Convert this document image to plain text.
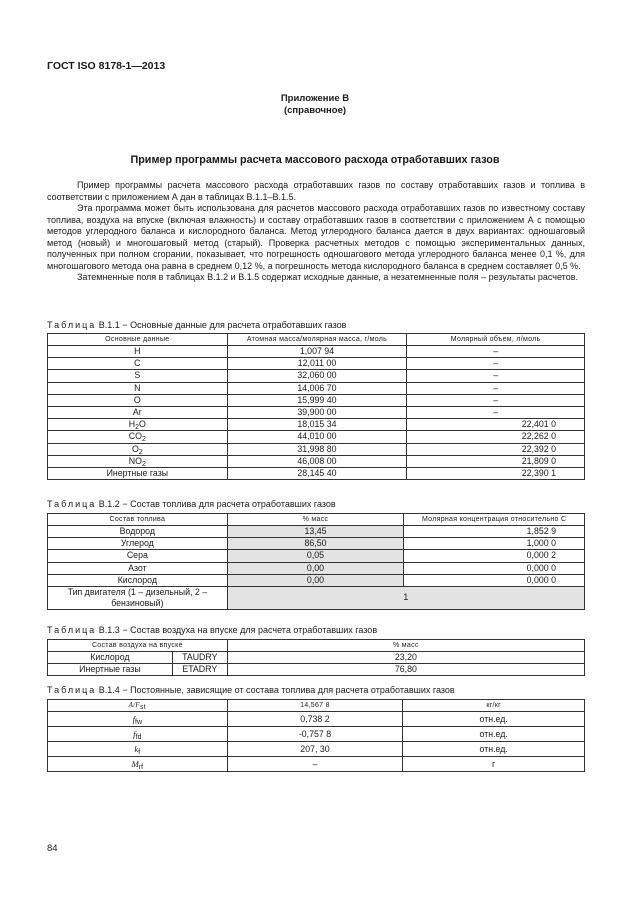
ГОСТ ISO 8178-1—2013
Приложение В
(справочное)
Пример программы расчета массового расхода отработавших газов

Пример программы расчета массового расхода отработавших газов по составу отработавших газов и топлива в соответствии с приложением А дан в таблицах В.1.1–В.1.5.

Эта программа может быть использована для расчетов массового расхода отработавших газов по известному составу топлива, воздуха на впуске (включая влажность) и составу отработавших газов в соответствии с приложением А с помощью методов углеродного баланса и кислородного баланса. Метод углеродного баланса дается в двух вариантах: одношаговый метод (новый) и многошаговый метод (старый). Проверка расчетных методов с помощью экспериментальных данных, полученных при полном сгорании, показывает, что погрешность одношагового метода углеродного баланса менее 0,1 %, для многошагового метода она равна в среднем 0,12 %, а погрешность метода кислородного баланса в среднем составляет 0,5 %.

Затемненные поля в таблицах В.1.2 и В.1.5 содержат исходные данные, а незатемненные поля – результаты расчетов.

Таблица В.1.1 − Основные данные для расчета отработавших газов
Основные данные	Атомная масса/молярная масса, г/моль	Молярный объем, л/моль
H	1,007 94	–
C	12,011 00	–
S	32,060 00	–
N	14,006 70	–
O	15,999 40	–
Ar	39,900 00	–
$H_2O$	18,015 34	22,401 0
$CO_2$	44,010 00	22,262 0
$O_2$	31,998 80	22,392 0
$NO_2$	46,008 00	21,809 0
Инертные газы	28,145 40	22,390 1
Таблица В.1.2 − Состав топлива для расчета отработавших газов
Состав топлива	% масс	Молярная концентрация относительно С
Водород	13,45	1,852 9
Углерод	86,50	1,000 0
Сера	0,05	0,000 2
Азот	0,00	0,000 0
Кислород	0,00	0,000 0
Тип двигателя (1 – дизельный, 2 – бензиновый)	1	
Таблица В.1.3 − Состав воздуха на впуске для расчета отработавших газов
Состав воздуха на впуске		% масс
Кислород	TAUDRY	23,20
Инертные газы	ETADRY	76,80
Таблица В.1.4 − Постоянные, зависящие от состава топлива для расчета отработавших газов
$A/F_{st}$	14,567 8	кг/кг
$f_{fw}$	0,738 2	отн.ед.
$f_{fd}$	-0,757 8	отн.ед.
$k_f$	207, 30	отн.ед.
$M_{rf}$	–	г
84
